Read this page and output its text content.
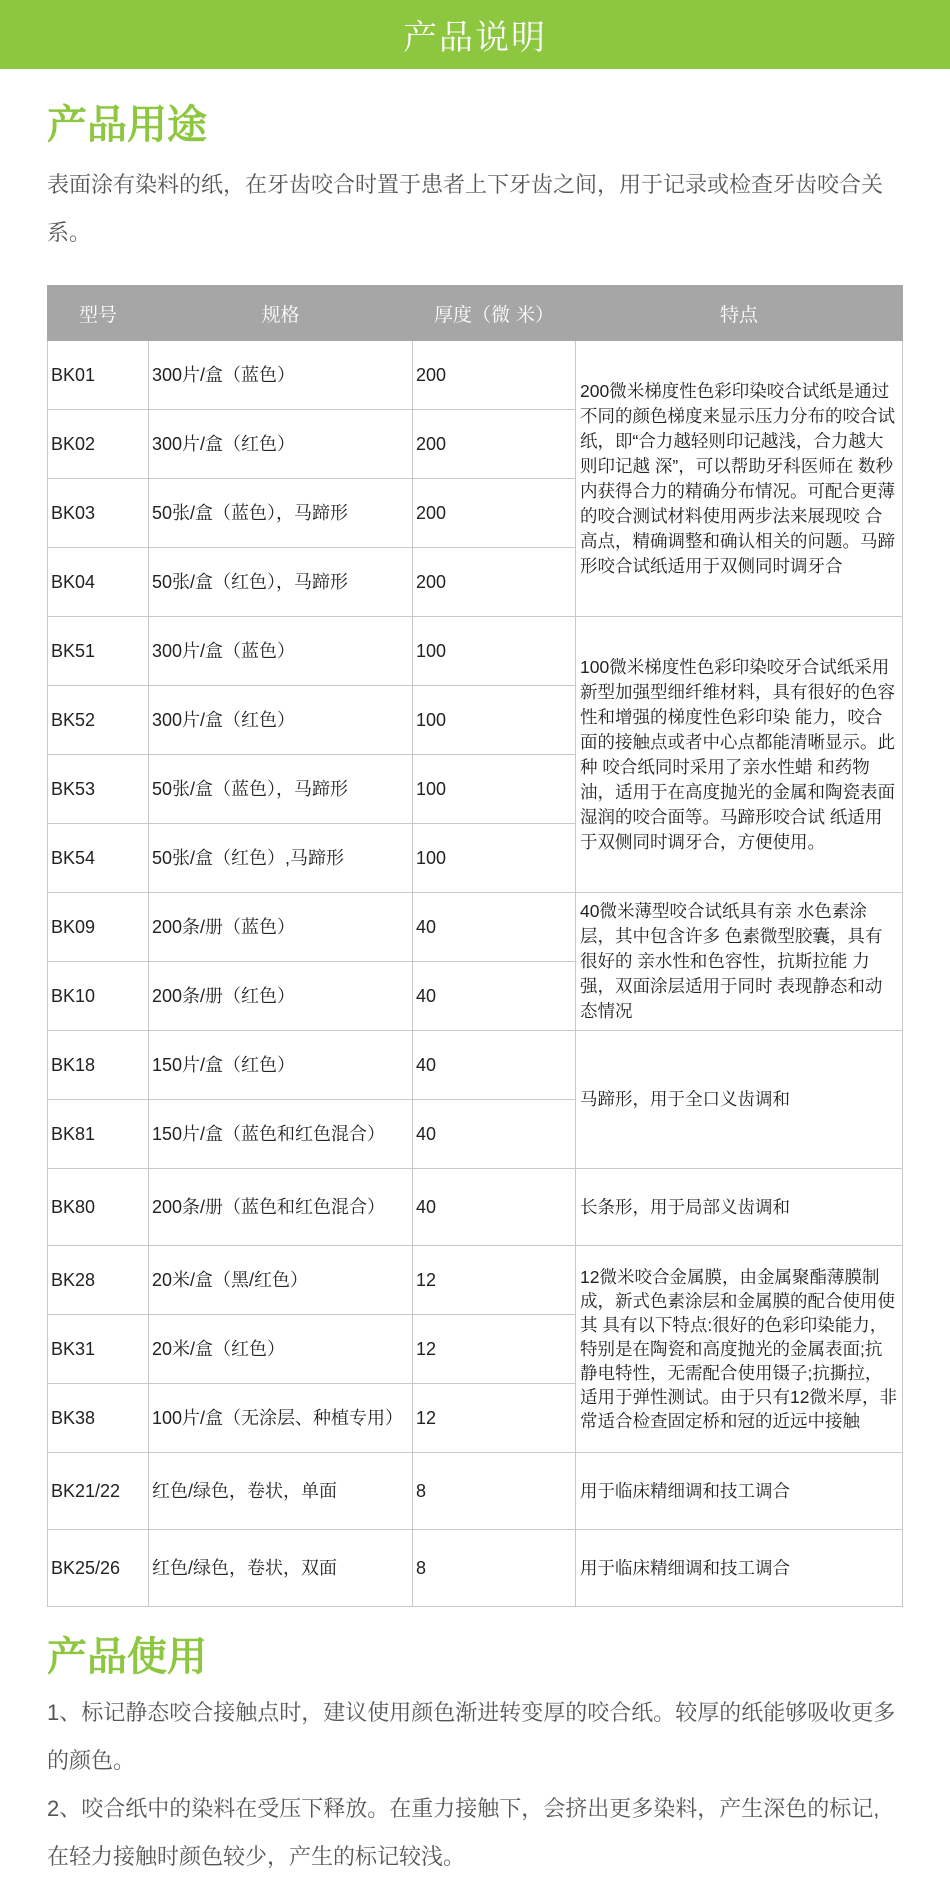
产品说明
产品用途
表面涂有染料的纸，在牙齿咬合时置于患者上下牙齿之间，用于记录或检查牙齿咬合关系。
型号	规格	厚度（微 米）	特点
BK01	300片/盒（蓝色）	200	200微米梯度性色彩印染咬合试纸是通过不同的颜色梯度来显示压力分布的咬合试 纸，即“合力越轻则印记越浅，合力越大则印记越 深”，可以帮助牙科医师在 数秒内获得合力的精确分布情况。可配合更薄的咬合测试材料使用两步法来展现咬 合高点，精确调整和确认相关的问题。马蹄形咬合试纸适用于双侧同时调牙合
BK02	300片/盒（红色）	200	
BK03	50张/盒（蓝色），马蹄形	200	
BK04	50张/盒（红色），马蹄形	200	
BK51	300片/盒（蓝色）	100	100微米梯度性色彩印染咬牙合试纸采用新型加强型细纤维材料，具有很好的色容性和增强的梯度性色彩印染 能力，咬合面的接触点或者中心点都能清晰显示。此种 咬合纸同时采用了亲水性蜡 和药物油，适用于在高度抛光的金属和陶瓷表面湿润的咬合面等。马蹄形咬合试 纸适用于双侧同时调牙合，方便使用。
BK52	300片/盒（红色）	100	
BK53	50张/盒（蓝色），马蹄形	100	
BK54	50张/盒（红色）,马蹄形	100	
BK09	200条/册（蓝色）	40	40微米薄型咬合试纸具有亲 水色素涂层，其中包含许多 色素微型胶囊，具有很好的 亲水性和色容性，抗斯拉能 力强，双面涂层适用于同时 表现静态和动态情况
BK10	200条/册（红色）	40	
BK18	150片/盒（红色）	40	马蹄形，用于全口义齿调和
BK81	150片/盒（蓝色和红色混合）	40	
BK80	200条/册（蓝色和红色混合）	40	长条形，用于局部义齿调和
BK28	20米/盒（黑/红色）	12	12微米咬合金属膜，由金属聚酯薄膜制成，新式色素涂层和金属膜的配合使用使其 具有以下特点:很好的色彩印染能力，特别是在陶瓷和高度抛光的金属表面;抗静电特性，无需配合使用镊子;抗撕拉，适用于弹性测试。由于只有12微米厚，非常适合检查固定桥和冠的近远中接触
BK31	20米/盒（红色）	12	
BK38	100片/盒（无涂层、种植专用）	12	
BK21/22	红色/绿色，卷状，单面	8	用于临床精细调和技工调合
BK25/26	红色/绿色，卷状，双面	8	用于临床精细调和技工调合
产品使用
1、标记静态咬合接触点时，建议使用颜色渐进转变厚的咬合纸。较厚的纸能够吸收更多的颜色。
2、咬合纸中的染料在受压下释放。在重力接触下，会挤出更多染料，产生深色的标记,在轻力接触时颜色较少，产生的标记较浅。
